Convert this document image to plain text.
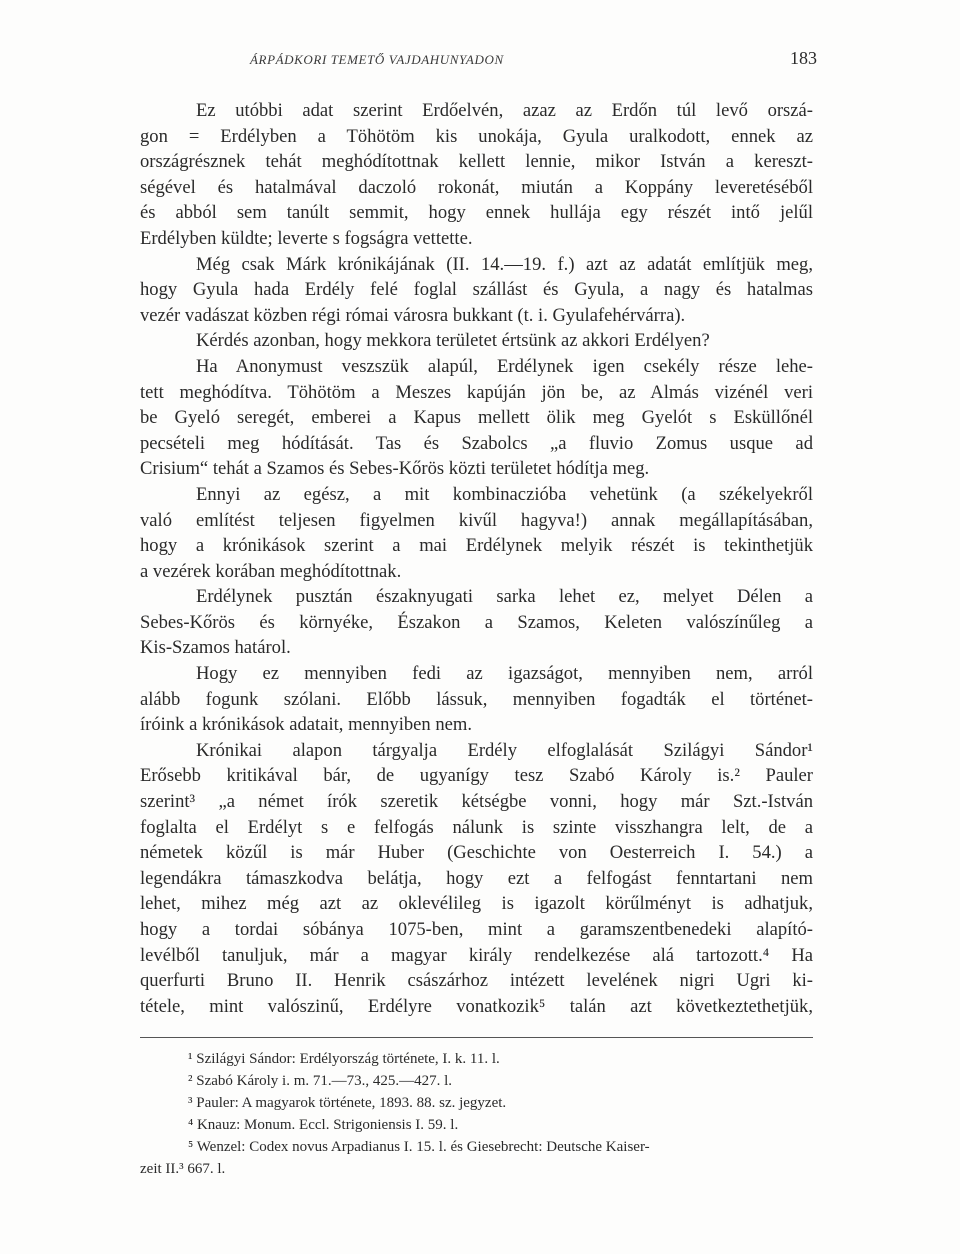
ÁRPÁDKORI TEMETŐ VAJDAHUNYADON	183
Ez utóbbi adat szerint Erdőelvén, azaz az Erdőn túl levő orszá-
gon = Erdélyben a Töhötöm kis unokája, Gyula uralkodott, ennek az
országrésznek tehát meghódítottnak kellett lennie, mikor István a kereszt-
ségével és hatalmával daczoló rokonát, miután a Koppány leveretéséből
és abból sem tanúlt semmit, hogy ennek hullája egy részét intő jelűl
Erdélyben küldte; leverte s fogságra vettette.
Még csak Márk krónikájának (II. 14.—19. f.) azt az adatát említjük meg,
hogy Gyula hada Erdély felé foglal szállást és Gyula, a nagy és hatalmas
vezér vadászat közben régi római városra bukkant (t. i. Gyulafehérvárra).
Kérdés azonban, hogy mekkora területet értsünk az akkori Erdélyen?
Ha Anonymust veszszük alapúl, Erdélynek igen csekély része lehe-
tett meghódítva. Töhötöm a Meszes kapúján jön be, az Almás vizénél veri
be Gyeló seregét, emberei a Kapus mellett ölik meg Gyelót s Esküllőnél
pecsételi meg hódítását. Tas és Szabolcs „a fluvio Zomus usque ad
Crisium“ tehát a Szamos és Sebes-Kőrös közti területet hódítja meg.
Ennyi az egész, a mit kombinaczióba vehetünk (a székelyekről
való említést teljesen figyelmen kivűl hagyva!) annak megállapításában,
hogy a krónikások szerint a mai Erdélynek melyik részét is tekinthetjük
a vezérek korában meghódítottnak.
Erdélynek pusztán északnyugati sarka lehet ez, melyet Délen a
Sebes-Kőrös és környéke, Északon a Szamos, Keleten valószínűleg a
Kis-Szamos határol.
Hogy ez mennyiben fedi az igazságot, mennyiben nem, arról
alább fogunk szólani. Előbb lássuk, mennyiben fogadták el történet-
íróink a krónikások adatait, mennyiben nem.
Krónikai alapon tárgyalja Erdély elfoglalását Szilágyi Sándor¹
Erősebb kritikával bár, de ugyanígy tesz Szabó Károly is.² Pauler
szerint³ „a német írók szeretik kétségbe vonni, hogy már Szt.-István
foglalta el Erdélyt s e felfogás nálunk is szinte visszhangra lelt, de a
németek közűl is már Huber (Geschichte von Oesterreich I. 54.) a
legendákra támaszkodva belátja, hogy ezt a felfogást fenntartani nem
lehet, mihez még azt az oklevélileg is igazolt körűlményt is adhatjuk,
hogy a tordai sóbánya 1075-ben, mint a garamszentbenedeki alapító-
levélből tanuljuk, már a magyar király rendelkezése alá tartozott.⁴ Ha
querfurti Bruno II. Henrik császárhoz intézett levelének nigri Ugri ki-
tétele, mint valószinű, Erdélyre vonatkozik⁵ talán azt következtethetjük,
¹ Szilágyi Sándor: Erdélyország története, I. k. 11. l.
² Szabó Károly i. m. 71.—73., 425.—427. l.
³ Pauler: A magyarok története, 1893. 88. sz. jegyzet.
⁴ Knauz: Monum. Eccl. Strigoniensis I. 59. l.
⁵ Wenzel: Codex novus Arpadianus I. 15. l. és Giesebrecht: Deutsche Kaiser-
zeit II.³ 667. l.
